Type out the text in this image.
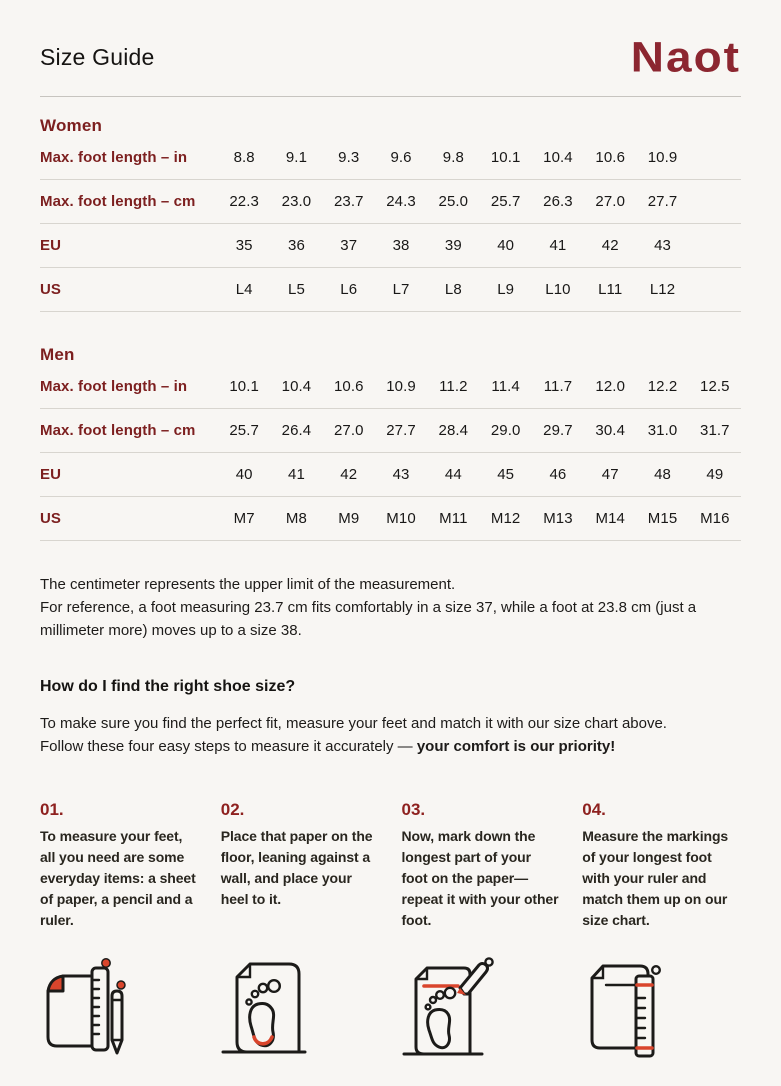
Size Guide	Naot
Women
Max. foot length – in	8.8	9.1	9.3	9.6	9.8	10.1	10.4	10.6	10.9
Max. foot length – cm	22.3	23.0	23.7	24.3	25.0	25.7	26.3	27.0	27.7
EU	35	36	37	38	39	40	41	42	43
US	L4	L5	L6	L7	L8	L9	L10	L11	L12
Men
Max. foot length – in	10.1	10.4	10.6	10.9	11.2	11.4	11.7	12.0	12.2	12.5
Max. foot length – cm	25.7	26.4	27.0	27.7	28.4	29.0	29.7	30.4	31.0	31.7
EU	40	41	42	43	44	45	46	47	48	49
US	M7	M8	M9	M10	M11	M12	M13	M14	M15	M16

The centimeter represents the upper limit of the measurement.
For reference, a foot measuring 23.7 cm fits comfortably in a size 37, while a foot at 23.8 cm (just a millimeter more) moves up to a size 38.

How do I find the right shoe size?

To make sure you find the perfect fit, measure your feet and match it with our size chart above. Follow these four easy steps to measure it accurately — your comfort is our priority!

01.

To measure your feet, all you need are some everyday items: a sheet of paper, a pencil and a ruler.

02.

Place that paper on the floor, leaning against a wall, and place your heel to it.

03.

Now, mark down the longest part of your foot on the paper—repeat it with your other foot.

04.

Measure the markings of your longest foot with your ruler and match them up on our size chart.
